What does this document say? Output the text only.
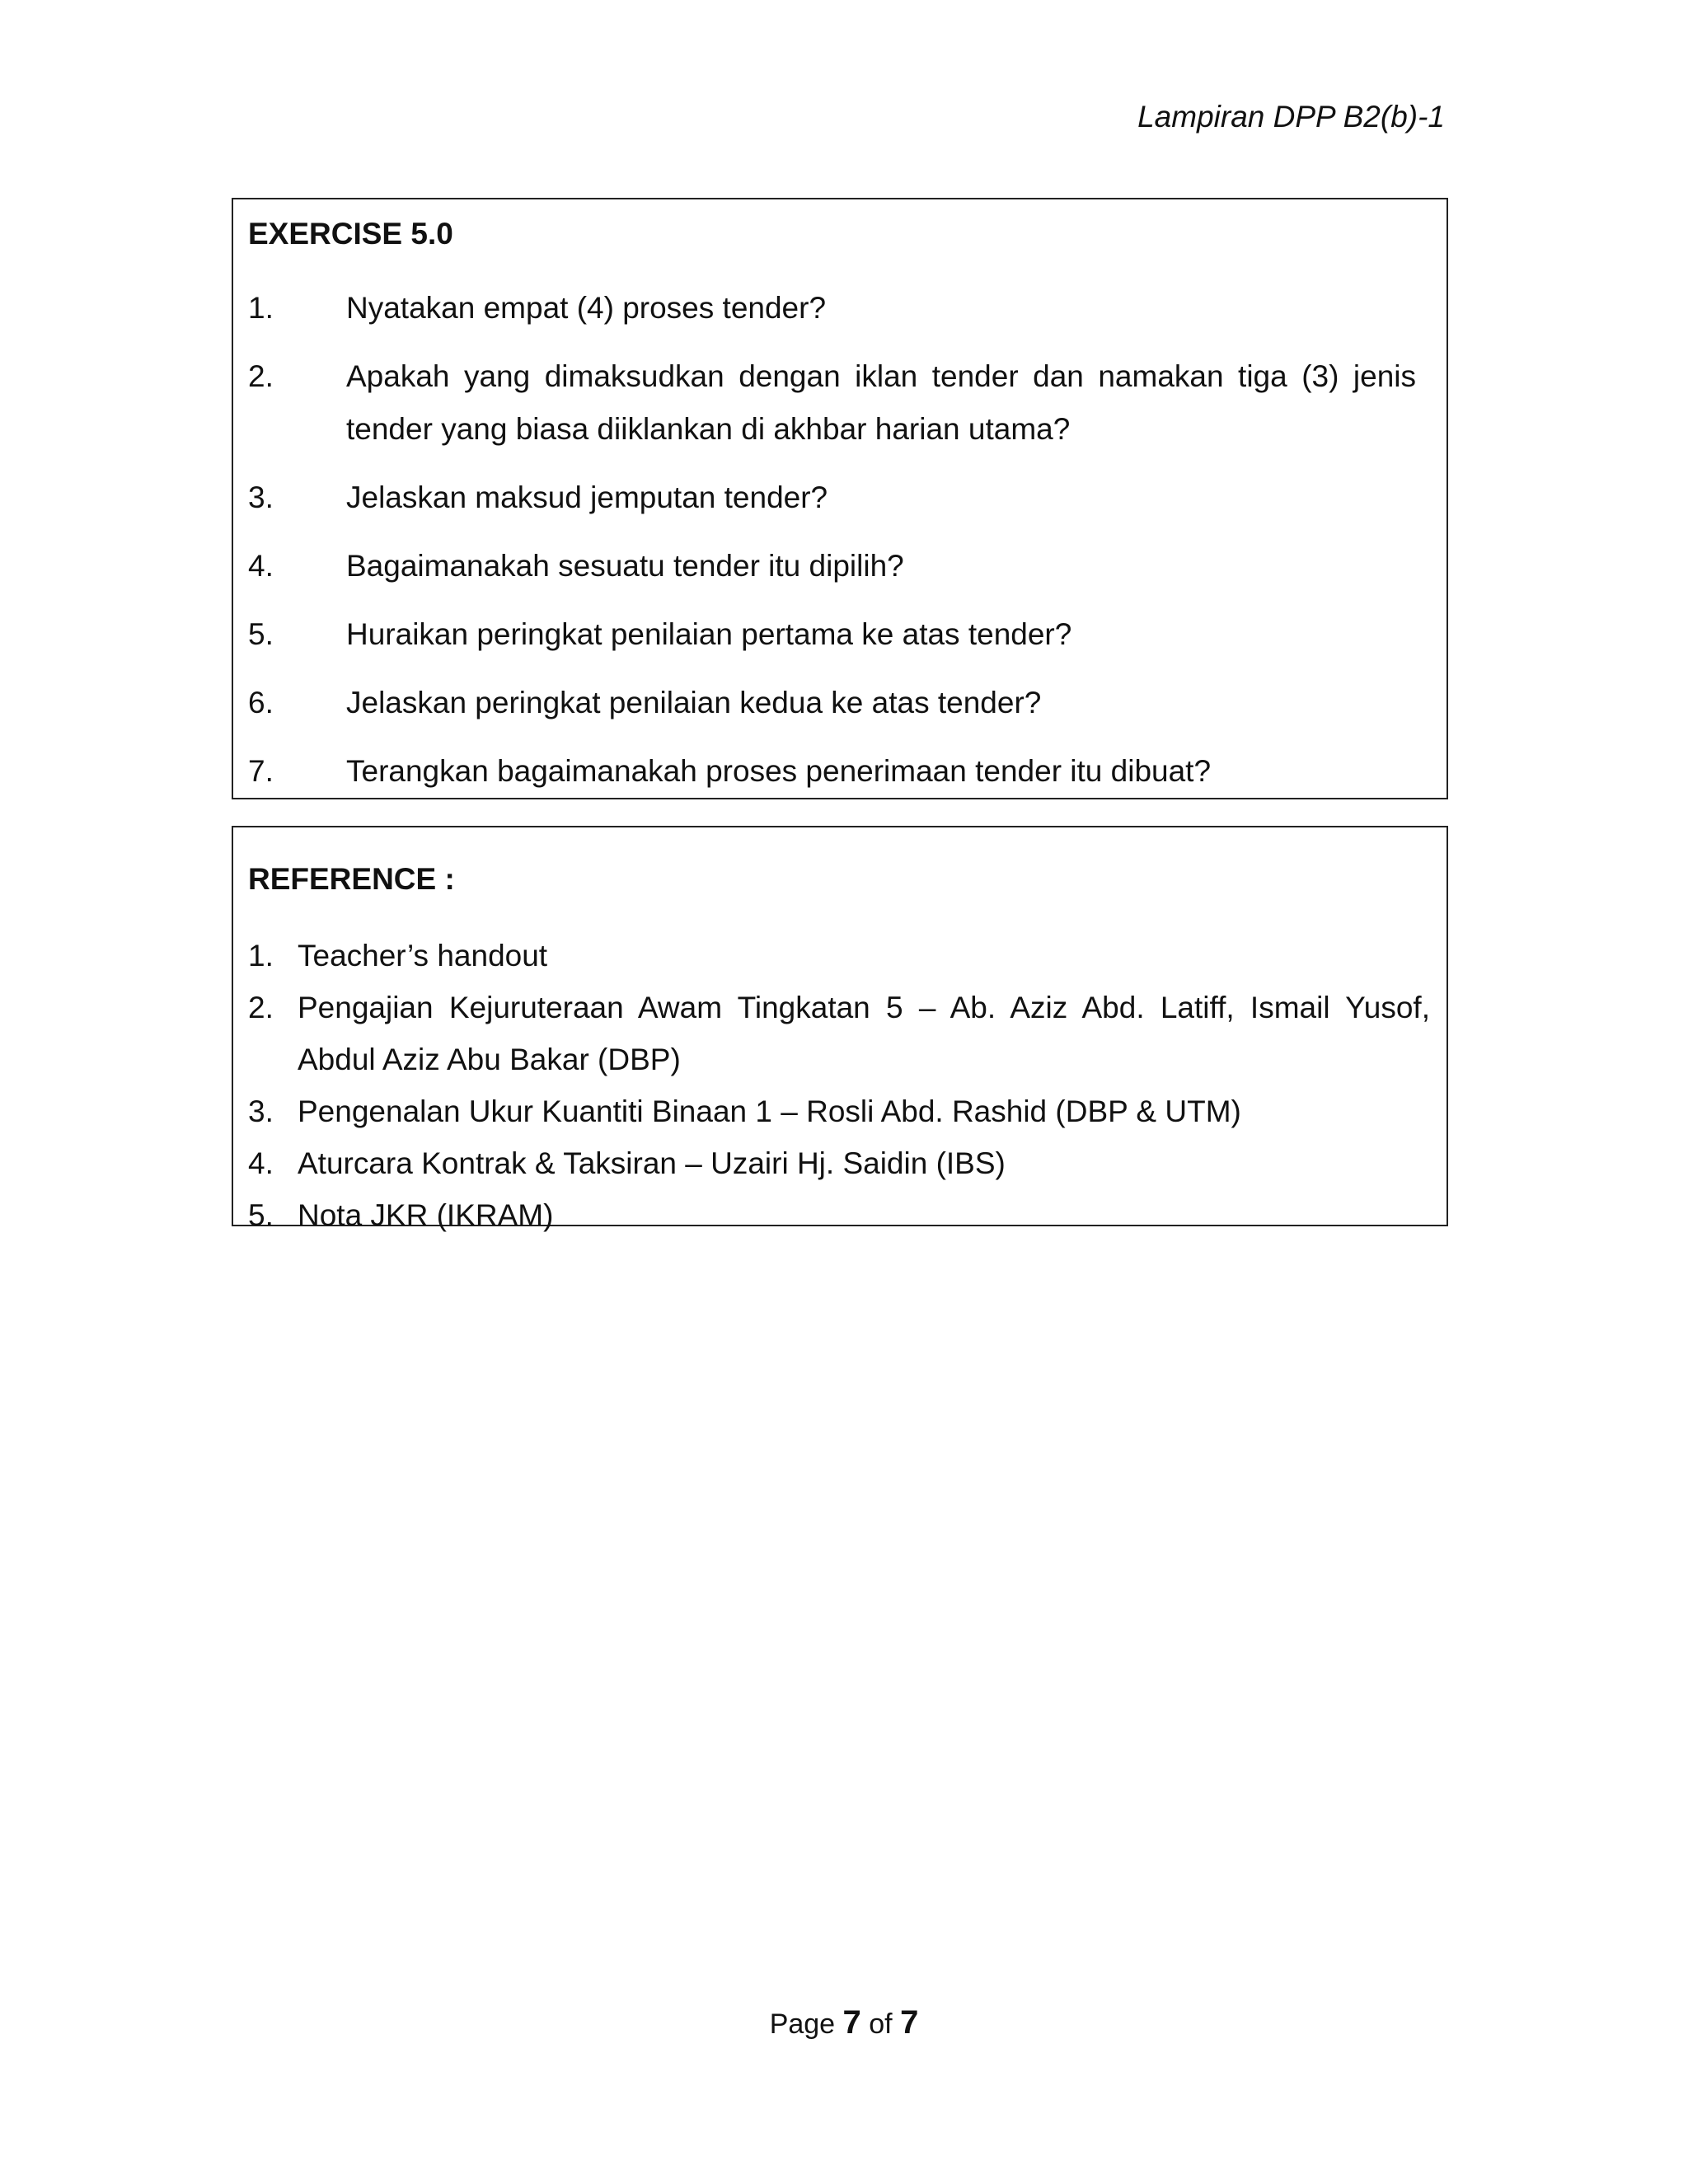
Lampiran DPP B2(b)-1
EXERCISE 5.0
1.	Nyatakan empat (4) proses tender?
2.	Apakah yang dimaksudkan dengan iklan tender dan namakan tiga (3) jenis tender yang biasa diiklankan di akhbar harian utama?
3.	Jelaskan maksud jemputan tender?
4.	Bagaimanakah sesuatu tender itu dipilih?
5.	Huraikan peringkat penilaian pertama ke atas tender?
6.	Jelaskan peringkat penilaian kedua ke atas tender?
7.	Terangkan bagaimanakah proses penerimaan tender itu dibuat?
REFERENCE :
1. Teacher’s handout
2. Pengajian Kejuruteraan Awam Tingkatan 5 – Ab. Aziz Abd. Latiff, Ismail Yusof, Abdul Aziz Abu Bakar (DBP)
3. Pengenalan Ukur Kuantiti Binaan 1 – Rosli Abd. Rashid (DBP & UTM)
4. Aturcara Kontrak & Taksiran – Uzairi Hj. Saidin (IBS)
5. Nota JKR (IKRAM)
Page 7 of 7
